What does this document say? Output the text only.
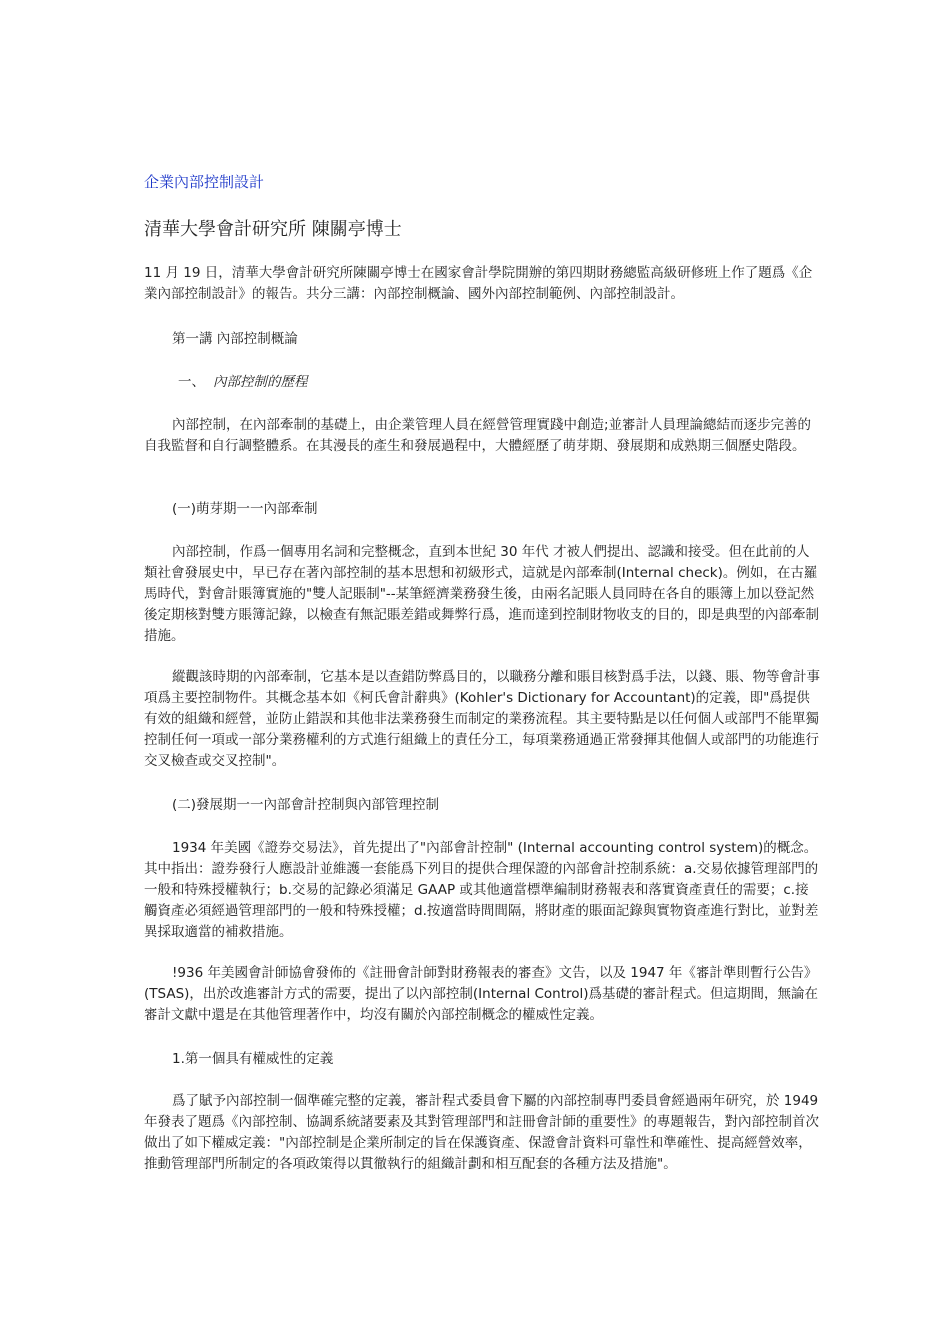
企業內部控制設計
清華大學會計研究所 陳關亭博士

11 月 19 日，清華大學會計研究所陳關亭博士在國家會計學院開辦的第四期財務總監高級研修班上作了題爲《企業內部控制設計》的報告。共分三講：內部控制概論、國外內部控制範例、內部控制設計。

第一講 內部控制概論
一、 內部控制的歷程

內部控制，在內部牽制的基礎上，由企業管理人員在經營管理實踐中創造;並審計人員理論總結而逐步完善的自我監督和自行調整體系。在其漫長的產生和發展過程中，大體經歷了萌芽期、發展期和成熟期三個歷史階段。

(一)萌芽期一一內部牽制

內部控制，作爲一個專用名詞和完整概念，直到本世紀 30 年代 才被人們提出、認識和接受。但在此前的人類社會發展史中，早已存在著內部控制的基本思想和初級形式，這就是內部牽制(Internal check)。例如，在古羅馬時代，對會計賬簿實施的"雙人記賬制"--某筆經濟業務發生後，由兩名記賬人員同時在各自的賬簿上加以登記然後定期核對雙方賬簿記錄，以檢查有無記賬差錯或舞弊行爲，進而達到控制財物收支的目的，即是典型的內部牽制措施。

縱觀該時期的內部牽制，它基本是以查錯防弊爲目的，以職務分離和賬目核對爲手法，以錢、賬、物等會計事項爲主要控制物件。其概念基本如《柯氏會計辭典》(Kohler's Dictionary for Accountant)的定義，即"爲提供有效的組織和經營，並防止錯誤和其他非法業務發生而制定的業務流程。其主要特點是以任何個人或部門不能單獨控制任何一項或一部分業務權利的方式進行組織上的責任分工，每項業務通過正常發揮其他個人或部門的功能進行交叉檢查或交叉控制"。

(二)發展期一一內部會計控制與內部管理控制

1934 年美國《證券交易法》，首先提出了"內部會計控制" (Internal accounting control system)的概念。其中指出：證券發行人應設計並維護一套能爲下列目的提供合理保證的內部會計控制系統：a.交易依據管理部門的一般和特殊授權執行；b.交易的記錄必須滿足 GAAP 或其他適當標準編制財務報表和落實資產責任的需要；c.接觸資產必須經過管理部門的一般和特殊授權；d.按適當時間間隔，將財產的賬面記錄與實物資產進行對比，並對差異採取適當的補救措施。

!936 年美國會計師協會發佈的《註冊會計師對財務報表的審查》文告，以及 1947 年《審計準則暫行公告》(TSAS)，出於改進審計方式的需要，提出了以內部控制(Internal Control)爲基礎的審計程式。但這期間，無論在審計文獻中還是在其他管理著作中，均沒有關於內部控制概念的權威性定義。

1.第一個具有權威性的定義

爲了賦予內部控制一個準確完整的定義，審計程式委員會下屬的內部控制專門委員會經過兩年研究，於 1949 年發表了題爲《內部控制、協調系統諸要素及其對管理部門和註冊會計師的重要性》的專題報告，對內部控制首次做出了如下權威定義："內部控制是企業所制定的旨在保護資產、保證會計資料可靠性和準確性、提高經營效率，推動管理部門所制定的各項政策得以貫徹執行的組織計劃和相互配套的各種方法及措施"。
